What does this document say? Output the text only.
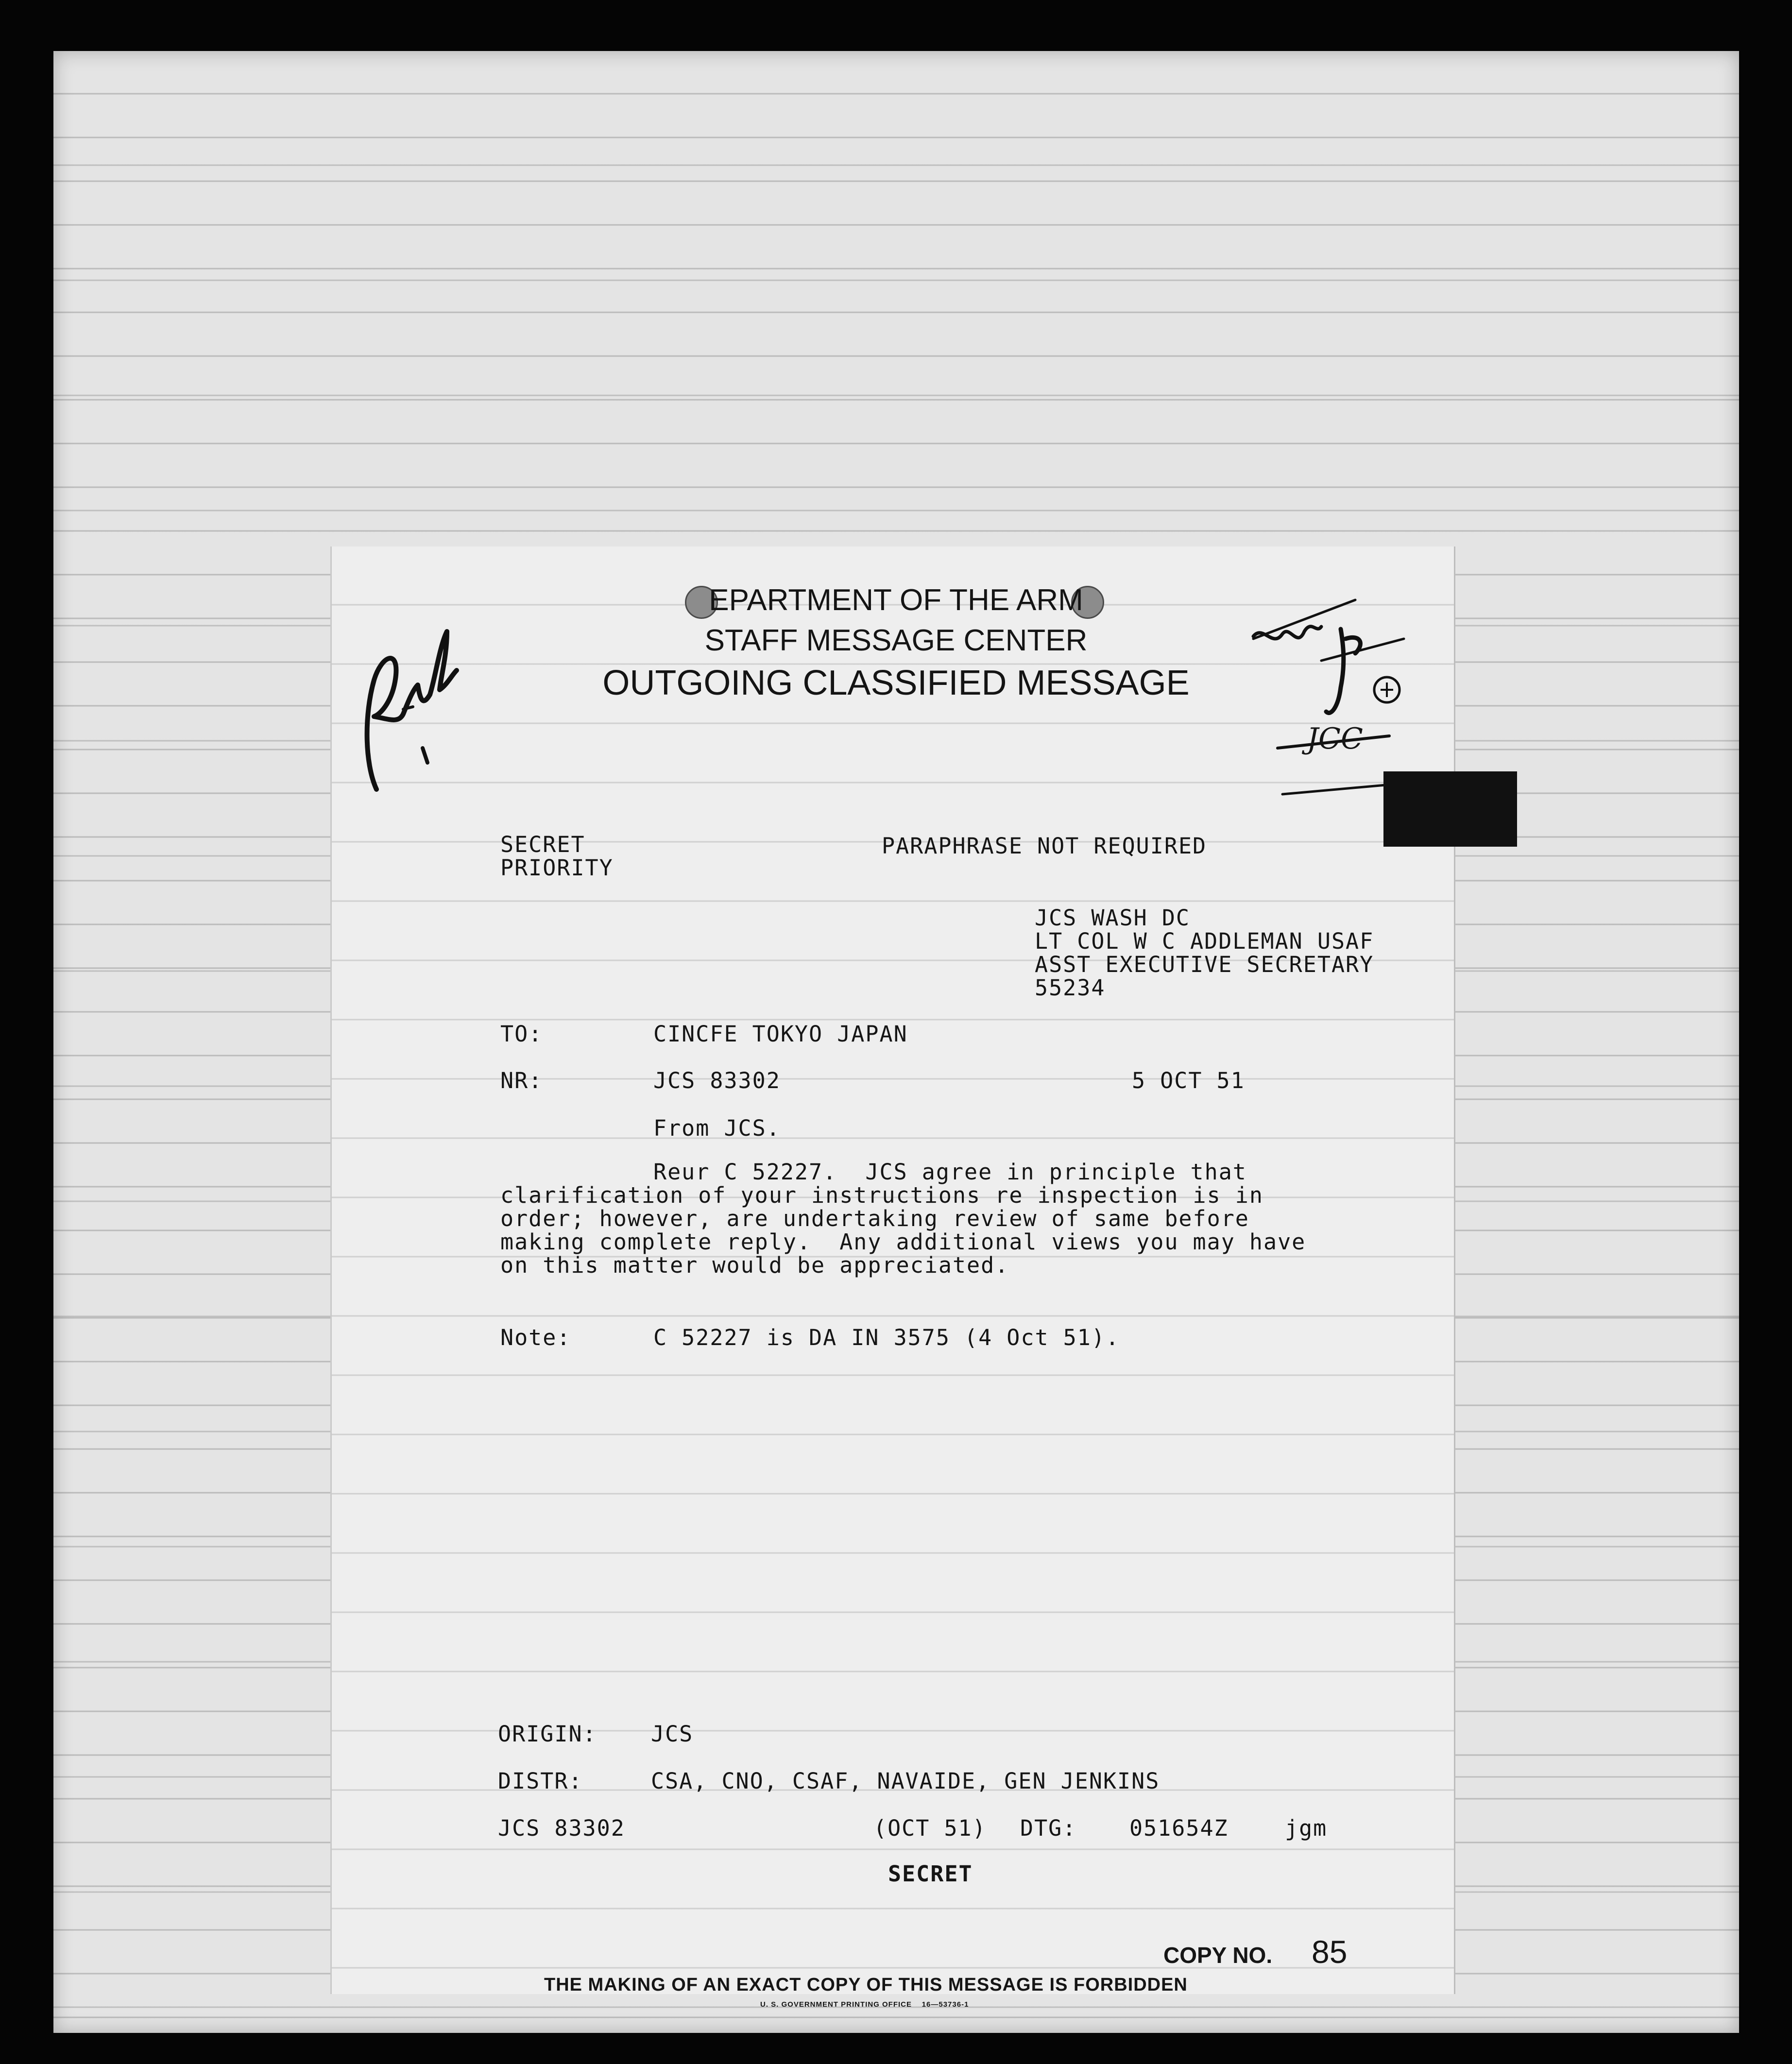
EPARTMENT OF THE ARM
STAFF MESSAGE CENTER
OUTGOING CLASSIFIED MESSAGE
JCC
SECRET
PRIORITY
PARAPHRASE NOT REQUIRED
JCS WASH DC
LT COL W C ADDLEMAN USAF
ASST EXECUTIVE SECRETARY
55234
TO:	CINCFE TOKYO JAPAN
NR:	JCS 83302	5 OCT 51
From JCS.
Reur C 52227.  JCS agree in principle that
clarification of your instructions re inspection is in
order; however, are undertaking review of same before
making complete reply.  Any additional views you may have
on this matter would be appreciated.
Note:	C 52227 is DA IN 3575 (4 Oct 51).
ORIGIN: JCS
DISTR:	CSA, CNO, CSAF, NAVAIDE, GEN JENKINS
JCS 83302	(OCT 51) DTG: 051654Z	jgm
SECRET
COPY NO. 85
THE MAKING OF AN EXACT COPY OF THIS MESSAGE IS FORBIDDEN
U. S. GOVERNMENT PRINTING OFFICE    16—53736-1
